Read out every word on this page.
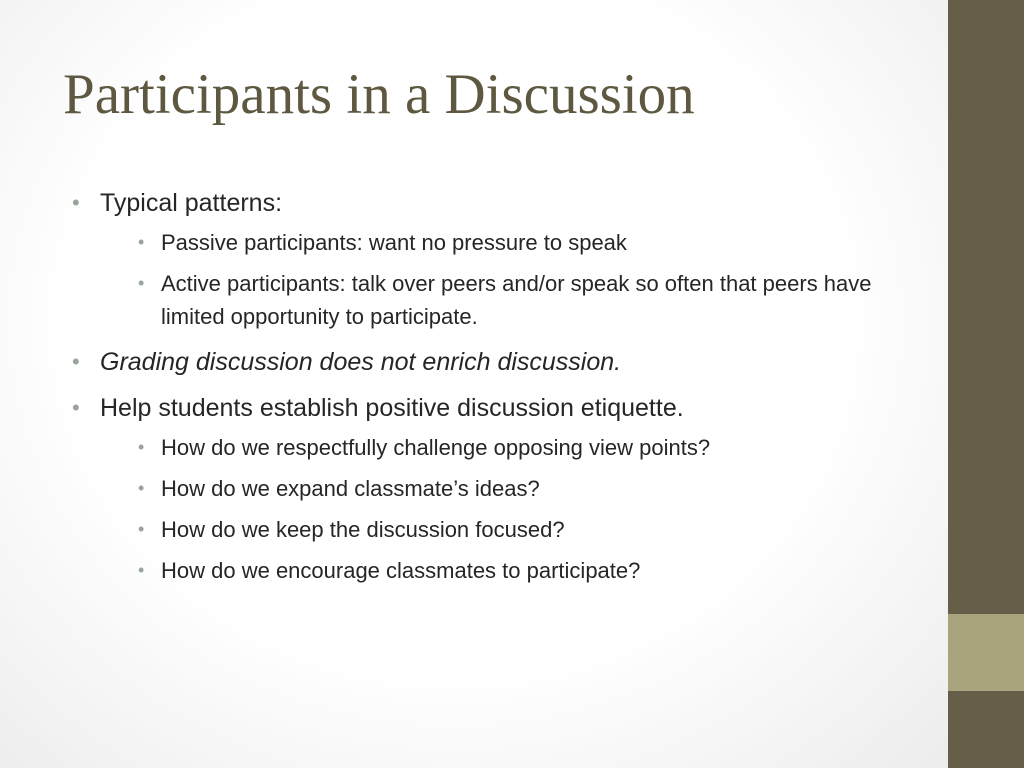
Participants in a Discussion
• Typical patterns:
• Passive participants: want no pressure to speak
• Active participants: talk over peers and/or speak so often that peers have limited opportunity to participate.
• Grading discussion does not enrich discussion.
• Help students establish positive discussion etiquette.
• How do we respectfully challenge opposing view points?
• How do we expand classmate’s ideas?
• How do we keep the discussion focused?
• How do we encourage classmates to participate?
